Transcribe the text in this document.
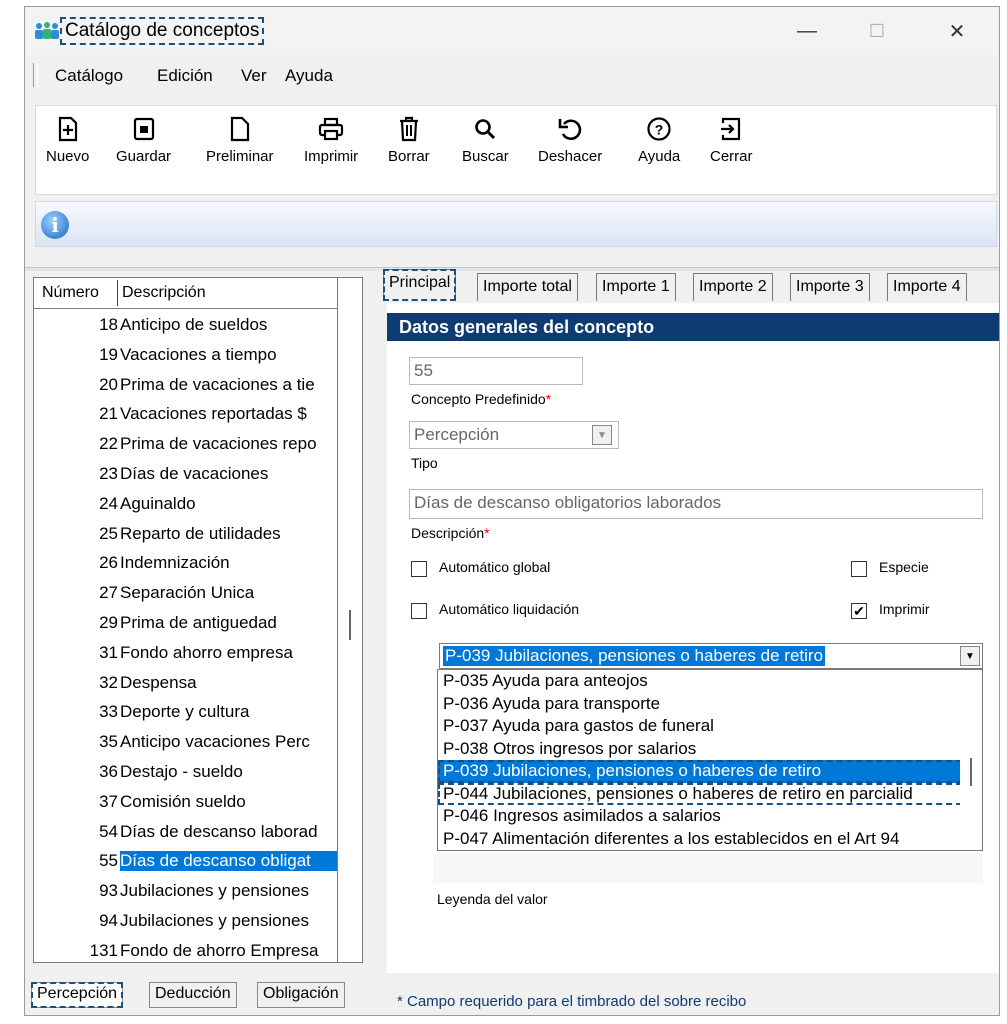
Catálogo de conceptos	—	☐	✕
Catálogo Edición Ver Ayuda
Nuevo Guardar Preliminar Imprimir Borrar Buscar Deshacer
?
Ayuda Cerrar
i
Número Descripción
18 Anticipo de sueldos
19 Vacaciones a tiempo
20 Prima de vacaciones a tie
21 Vacaciones reportadas $
22 Prima de vacaciones repo
23 Días de vacaciones
24 Aguinaldo
25 Reparto de utilidades
26 Indemnización
27 Separación Unica
29 Prima de antiguedad
31 Fondo ahorro empresa
32 Despensa
33 Deporte y cultura
35 Anticipo vacaciones Perc
36 Destajo - sueldo
37 Comisión sueldo
54 Días de descanso laborad
55 Días de descanso obligat
93 Jubilaciones y pensiones
94 Jubilaciones y pensiones
131 Fondo de ahorro Empresa
Percepción	Deducción	Obligación
Principal	Importe total	Importe 1	Importe 2	Importe 3	Importe 4
Datos generales del concepto
55
Concepto Predefinido*
Percepción	▼
Tipo
Días de descanso obligatorios laborados
Descripción*
Automático global	Especie
Automático liquidación	✔ Imprimir
P-039 Jubilaciones, pensiones o haberes de retiro	▼
P-035 Ayuda para anteojos
P-036 Ayuda para transporte
P-037 Ayuda para gastos de funeral
P-038 Otros ingresos por salarios
P-039 Jubilaciones, pensiones o haberes de retiro
P-044 Jubilaciones, pensiones o haberes de retiro en parcialid
P-046 Ingresos asimilados a salarios
P-047 Alimentación diferentes a los establecidos en el Art 94
Leyenda del valor
* Campo requerido para el timbrado del sobre recibo
